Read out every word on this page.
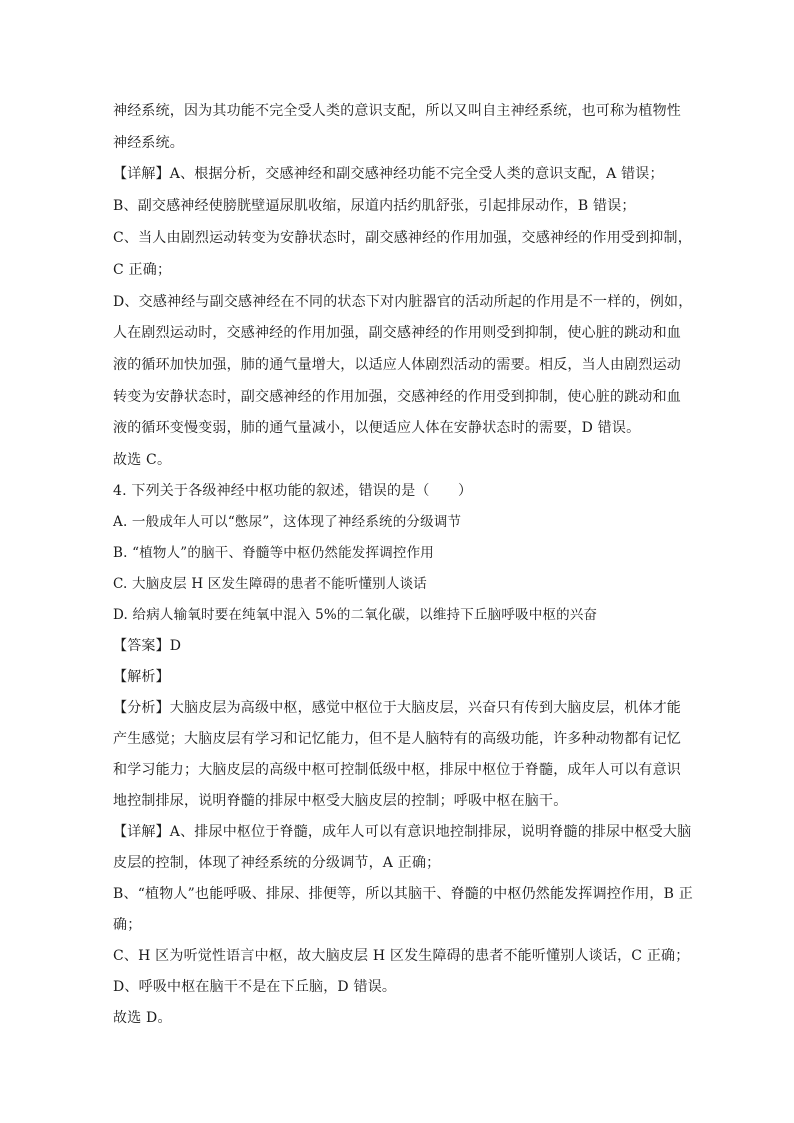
神经系统，因为其功能不完全受人类的意识支配，所以又叫自主神经系统，也可称为植物性
神经系统。
【详解】A、根据分析，交感神经和副交感神经功能不完全受人类的意识支配，A 错误；
B、副交感神经使膀胱壁逼尿肌收缩，尿道内括约肌舒张，引起排尿动作，B 错误；
C、当人由剧烈运动转变为安静状态时，副交感神经的作用加强，交感神经的作用受到抑制，
C 正确；
D、交感神经与副交感神经在不同的状态下对内脏器官的活动所起的作用是不一样的，例如，
人在剧烈运动时，交感神经的作用加强，副交感神经的作用则受到抑制，使心脏的跳动和血
液的循环加快加强，肺的通气量增大，以适应人体剧烈活动的需要。相反，当人由剧烈运动
转变为安静状态时，副交感神经的作用加强，交感神经的作用受到抑制，使心脏的跳动和血
液的循环变慢变弱，肺的通气量减小，以便适应人体在安静状态时的需要，D 错误。
故选 C。
4. 下列关于各级神经中枢功能的叙述，错误的是（　　）
A. 一般成年人可以“憋尿”，这体现了神经系统的分级调节
B. “植物人”的脑干、脊髓等中枢仍然能发挥调控作用
C. 大脑皮层 H 区发生障碍的患者不能听懂别人谈话
D. 给病人输氧时要在纯氧中混入 5%的二氧化碳，以维持下丘脑呼吸中枢的兴奋
【答案】D
【解析】
【分析】大脑皮层为高级中枢，感觉中枢位于大脑皮层，兴奋只有传到大脑皮层，机体才能
产生感觉；大脑皮层有学习和记忆能力，但不是人脑特有的高级功能，许多种动物都有记忆
和学习能力；大脑皮层的高级中枢可控制低级中枢，排尿中枢位于脊髓，成年人可以有意识
地控制排尿，说明脊髓的排尿中枢受大脑皮层的控制；呼吸中枢在脑干。
【详解】A、排尿中枢位于脊髓，成年人可以有意识地控制排尿，说明脊髓的排尿中枢受大脑
皮层的控制，体现了神经系统的分级调节，A 正确；
B、“植物人”也能呼吸、排尿、排便等，所以其脑干、脊髓的中枢仍然能发挥调控作用，B 正
确；
C、H 区为听觉性语言中枢，故大脑皮层 H 区发生障碍的患者不能听懂别人谈话，C 正确；
D、呼吸中枢在脑干不是在下丘脑，D 错误。
故选 D。
